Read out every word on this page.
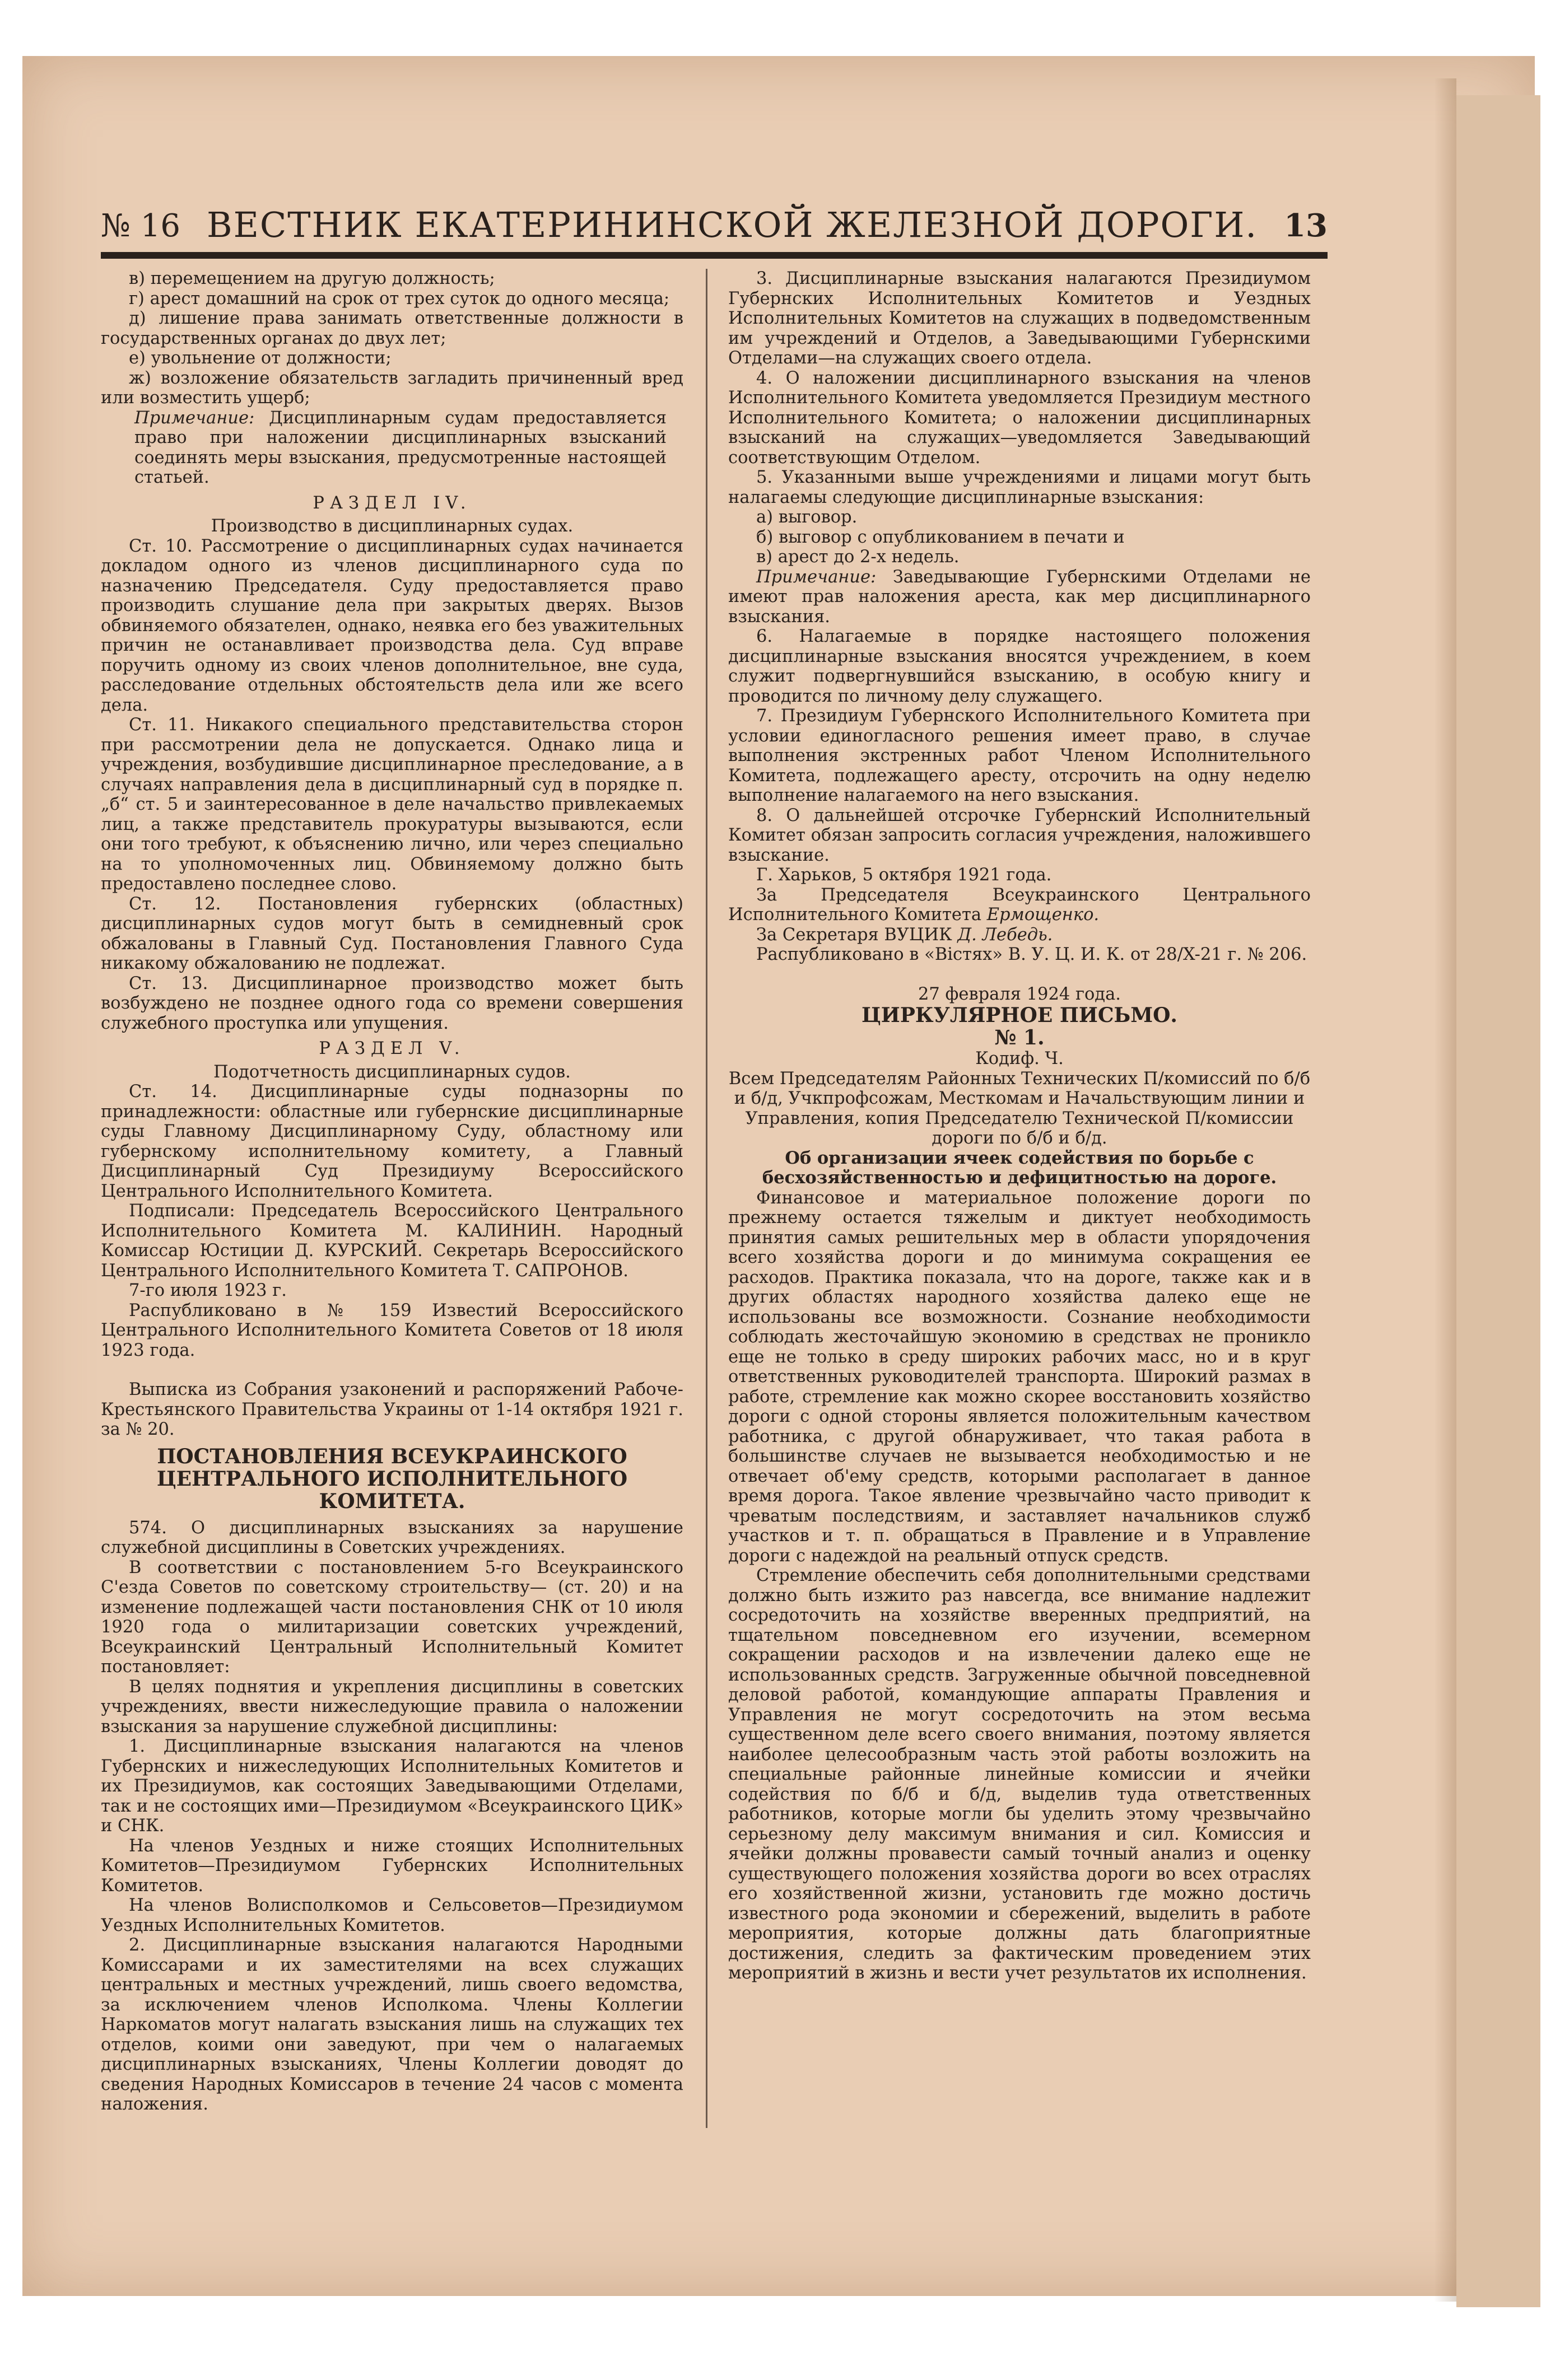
№ 16 ВЕСТНИК ЕКАТЕРИНИНСКОЙ ЖЕЛЕЗНОЙ ДОРОГИ. 13

в) перемещением на другую должность;

г) арест домашний на срок от трех суток до одного месяца;

д) лишение права занимать ответственные должности в государственных органах до двух лет;

е) увольнение от должности;

ж) возложение обязательств загладить причиненный вред или возместить ущерб;

Примечание: Дисциплинарным судам предоставляется право при наложении дисциплинарных взысканий соединять меры взыскания, предусмотренные настоящей статьей.

РАЗДЕЛ IV.

Производство в дисциплинарных судах.

Ст. 10. Рассмотрение о дисциплинарных судах начинается докладом одного из членов дисциплинарного суда по назначению Председателя. Суду предоставляется право производить слушание дела при закрытых дверях. Вызов обвиняемого обязателен, однако, неявка его без уважительных причин не останавливает производства дела. Суд вправе поручить одному из своих членов дополнительное, вне суда, расследование отдельных обстоятельств дела или же всего дела.

Ст. 11. Никакого специального представительства сторон при рассмотрении дела не допускается. Однако лица и учреждения, возбудившие дисциплинарное преследование, а в случаях направления дела в дисциплинарный суд в порядке п. „б“ ст. 5 и заинтересованное в деле начальство привлекаемых лиц, а также представитель прокуратуры вызываются, если они того требуют, к объяснению лично, или через специально на то уполномоченных лиц. Обвиняемому должно быть предоставлено последнее слово.

Ст. 12. Постановления губернских (областных) дисциплинарных судов могут быть в семидневный срок обжалованы в Главный Суд. Постановления Главного Суда никакому обжалованию не подлежат.

Ст. 13. Дисциплинарное производство может быть возбуждено не позднее одного года со времени совершения служебного проступка или упущения.

РАЗДЕЛ V.

Подотчетность дисциплинарных судов.

Ст. 14. Дисциплинарные суды подназорны по принадлежности: областные или губернские дисциплинарные суды Главному Дисциплинарному Суду, областному или губернскому исполнительному комитету, а Главный Дисциплинарный Суд Президиуму Всероссийского Центрального Исполнительного Комитета.

Подписали: Председатель Всероссийского Центрального Исполнительного Комитета М. КАЛИНИН. Народный Комиссар Юстиции Д. КУРСКИЙ. Секретарь Всероссийского Центрального Исполнительного Комитета Т. САПРОНОВ.

7-го июля 1923 г.

Распубликовано в № 159 Известий Всероссийского Центрального Исполнительного Комитета Советов от 18 июля 1923 года.

Выписка из Собрания узаконений и распоряжений Рабоче-Крестьянского Правительства Украины от 1-14 октября 1921 г. за № 20.

ПОСТАНОВЛЕНИЯ ВСЕУКРАИНСКОГО ЦЕНТРАЛЬНОГО ИСПОЛНИТЕЛЬНОГО КОМИТЕТА.

574. О дисциплинарных взысканиях за нарушение служебной дисциплины в Советских учреждениях.

В соответствии с постановлением 5-го Всеукраинского С'езда Советов по советскому строительству— (ст. 20) и на изменение подлежащей части постановления СНК от 10 июля 1920 года о милитаризации советских учреждений, Всеукраинский Центральный Исполнительный Комитет постановляет:

В целях поднятия и укрепления дисциплины в советских учреждениях, ввести нижеследующие правила о наложении взыскания за нарушение служебной дисциплины:

1. Дисциплинарные взыскания налагаются на членов Губернских и нижеследующих Исполнительных Комитетов и их Президиумов, как состоящих Заведывающими Отделами, так и не состоящих ими—Президиумом «Всеукраинского ЦИК» и СНК.

На членов Уездных и ниже стоящих Исполнительных Комитетов—Президиумом Губернских Исполнительных Комитетов.

На членов Волисполкомов и Сельсоветов—Президиумом Уездных Исполнительных Комитетов.

2. Дисциплинарные взыскания налагаются Народными Комиссарами и их заместителями на всех служащих центральных и местных учреждений, лишь своего ведомства, за исключением членов Исполкома. Члены Коллегии Наркоматов могут налагать взыскания лишь на служащих тех отделов, коими они заведуют, при чем о налагаемых дисциплинарных взысканиях, Члены Коллегии доводят до сведения Народных Комиссаров в течение 24 часов с момента наложения.

3. Дисциплинарные взыскания налагаются Президиумом Губернских Исполнительных Комитетов и Уездных Исполнительных Комитетов на служащих в подведомственным им учреждений и Отделов, а Заведывающими Губернскими Отделами—на служащих своего отдела.

4. О наложении дисциплинарного взыскания на членов Исполнительного Комитета уведомляется Президиум местного Исполнительного Комитета; о наложении дисциплинарных взысканий на служащих—уведомляется Заведывающий соответствующим Отделом.

5. Указанными выше учреждениями и лицами могут быть налагаемы следующие дисциплинарные взыскания:

а) выговор.

б) выговор с опубликованием в печати и

в) арест до 2-х недель.

Примечание: Заведывающие Губернскими Отделами не имеют прав наложения ареста, как мер дисциплинарного взыскания.

6. Налагаемые в порядке настоящего положения дисциплинарные взыскания вносятся учреждением, в коем служит подвергнувшийся взысканию, в особую книгу и проводится по личному делу служащего.

7. Президиум Губернского Исполнительного Комитета при условии единогласного решения имеет право, в случае выполнения экстренных работ Членом Исполнительного Комитета, подлежащего аресту, отсрочить на одну неделю выполнение налагаемого на него взыскания.

8. О дальнейшей отсрочке Губернский Исполнительный Комитет обязан запросить согласия учреждения, наложившего взыскание.

Г. Харьков, 5 октября 1921 года.

За Председателя Всеукраинского Центрального Исполнительного Комитета Ермощенко.

За Секретаря ВУЦИК Д. Лебедь.

Распубликовано в «Вiстях» В. У. Ц. И. К. от 28/X-21 г. № 206.

27 февраля 1924 года.

ЦИРКУЛЯРНОЕ ПИСЬМО.

№ 1.

Кодиф. Ч.

Всем Председателям Районных Технических П/комиссий по б/б и б/д, Учкпрофсожам, Месткомам и Начальствующим линии и Управления, копия Председателю Технической П/комиссии дороги по б/б и б/д.

Об организации ячеек содействия по борьбе с бесхозяйственностью и дефицитностью на дороге.

Финансовое и материальное положение дороги по прежнему остается тяжелым и диктует необходимость принятия самых решительных мер в области упорядочения всего хозяйства дороги и до минимума сокращения ее расходов. Практика показала, что на дороге, также как и в других областях народного хозяйства далеко еще не использованы все возможности. Сознание необходимости соблюдать жесточайшую экономию в средствах не проникло еще не только в среду широких рабочих масс, но и в круг ответственных руководителей транспорта. Широкий размах в работе, стремление как можно скорее восстановить хозяйство дороги с одной стороны является положительным качеством работника, с другой обнаруживает, что такая работа в большинстве случаев не вызывается необходимостью и не отвечает об'ему средств, которыми располагает в данное время дорога. Такое явление чрезвычайно часто приводит к чреватым последствиям, и заставляет начальников служб участков и т. п. обращаться в Правление и в Управление дороги с надеждой на реальный отпуск средств.

Стремление обеспечить себя дополнительными средствами должно быть изжито раз навсегда, все внимание надлежит сосредоточить на хозяйстве вверенных предприятий, на тщательном повседневном его изучении, всемерном сокращении расходов и на извлечении далеко еще не использованных средств. Загруженные обычной повседневной деловой работой, командующие аппараты Правления и Управления не могут сосредоточить на этом весьма существенном деле всего своего внимания, поэтому является наиболее целесообразным часть этой работы возложить на специальные районные линейные комиссии и ячейки содействия по б/б и б/д, выделив туда ответственных работников, которые могли бы уделить этому чрезвычайно серьезному делу максимум внимания и сил. Комиссия и ячейки должны провавести самый точный анализ и оценку существующего положения хозяйства дороги во всех отраслях его хозяйственной жизни, установить где можно достичь известного рода экономии и сбережений, выделить в работе мероприятия, которые должны дать благоприятные достижения, следить за фактическим проведением этих мероприятий в жизнь и вести учет результатов их исполнения.
